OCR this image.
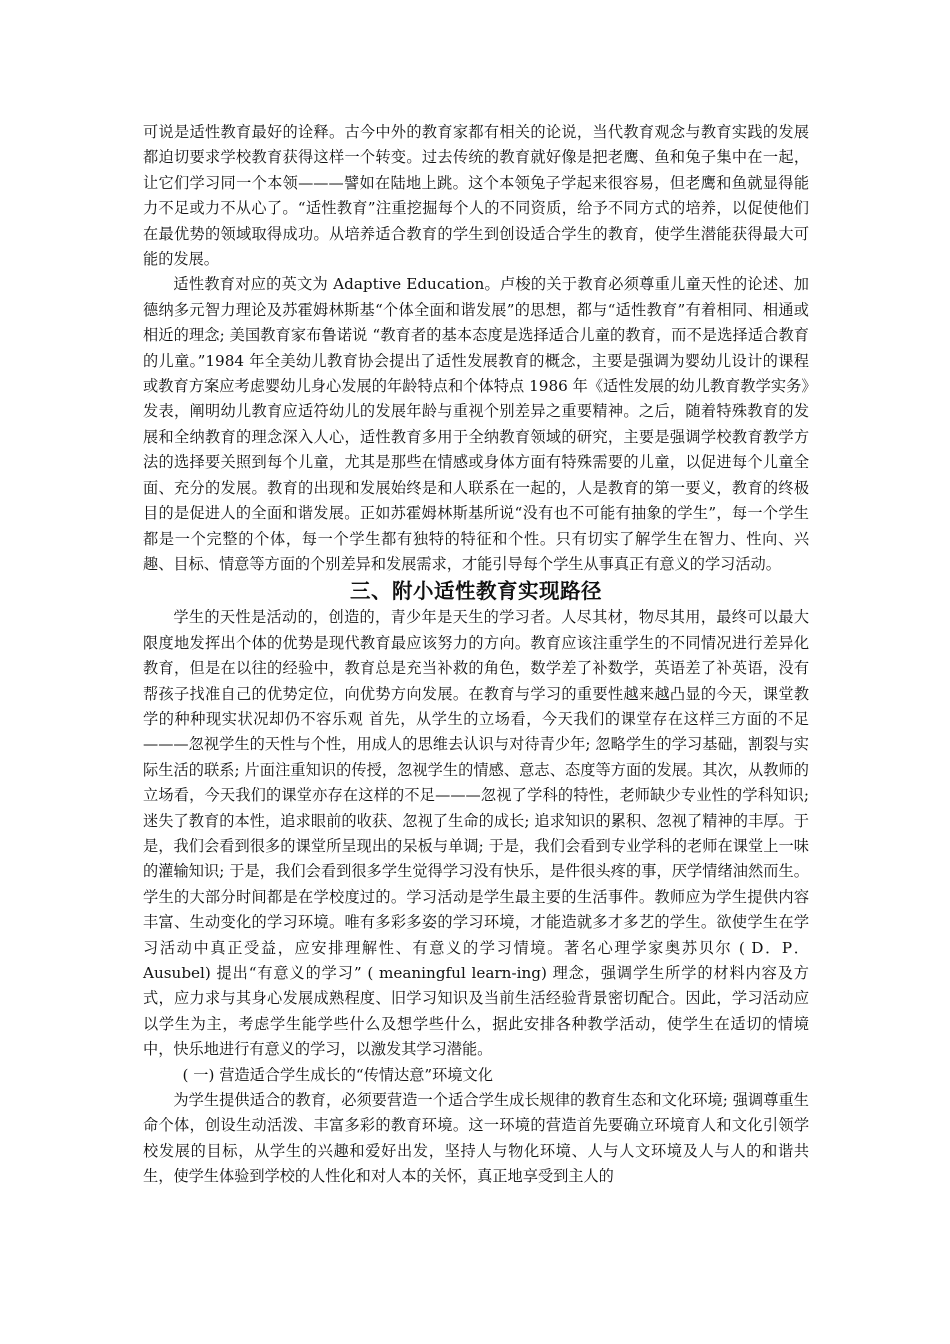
可说是适性教育最好的诠释。古今中外的教育家都有相关的论说，当代教育观念与教育实践的发展都迫切要求学校教育获得这样一个转变。过去传统的教育就好像是把老鹰、鱼和兔子集中在一起，让它们学习同一个本领———譬如在陆地上跳。这个本领兔子学起来很容易，但老鹰和鱼就显得能力不足或力不从心了。“适性教育”注重挖掘每个人的不同资质，给予不同方式的培养，以促使他们在最优势的领域取得成功。从培养适合教育的学生到创设适合学生的教育，使学生潜能获得最大可能的发展。

适性教育对应的英文为 Adaptive Education。卢梭的关于教育必须尊重儿童天性的论述、加德纳多元智力理论及苏霍姆林斯基“个体全面和谐发展”的思想，都与“适性教育”有着相同、相通或相近的理念; 美国教育家布鲁诺说 “教育者的基本态度是选择适合儿童的教育，而不是选择适合教育的儿童。”1984 年全美幼儿教育协会提出了适性发展教育的概念，主要是强调为婴幼儿设计的课程或教育方案应考虑婴幼儿身心发展的年龄特点和个体特点 1986 年《适性发展的幼儿教育教学实务》发表，阐明幼儿教育应适符幼儿的发展年龄与重视个别差异之重要精神。之后，随着特殊教育的发展和全纳教育的理念深入人心，适性教育多用于全纳教育领域的研究，主要是强调学校教育教学方法的选择要关照到每个儿童，尤其是那些在情感或身体方面有特殊需要的儿童，以促进每个儿童全面、充分的发展。教育的出现和发展始终是和人联系在一起的，人是教育的第一要义，教育的终极目的是促进人的全面和谐发展。正如苏霍姆林斯基所说“没有也不可能有抽象的学生”，每一个学生都是一个完整的个体，每一个学生都有独特的特征和个性。只有切实了解学生在智力、性向、兴趣、目标、情意等方面的个别差异和发展需求，才能引导每个学生从事真正有意义的学习活动。

三、附小适性教育实现路径

学生的天性是活动的，创造的，青少年是天生的学习者。人尽其材，物尽其用，最终可以最大限度地发挥出个体的优势是现代教育最应该努力的方向。教育应该注重学生的不同情况进行差异化教育，但是在以往的经验中，教育总是充当补救的角色，数学差了补数学，英语差了补英语，没有帮孩子找准自己的优势定位，向优势方向发展。在教育与学习的重要性越来越凸显的今天，课堂教学的种种现实状况却仍不容乐观 首先，从学生的立场看，今天我们的课堂存在这样三方面的不足———忽视学生的天性与个性，用成人的思维去认识与对待青少年; 忽略学生的学习基础，割裂与实际生活的联系; 片面注重知识的传授，忽视学生的情感、意志、态度等方面的发展。其次，从教师的立场看，今天我们的课堂亦存在这样的不足———忽视了学科的特性，老师缺少专业性的学科知识; 迷失了教育的本性，追求眼前的收获、忽视了生命的成长; 追求知识的累积、忽视了精神的丰厚。于是，我们会看到很多的课堂所呈现出的呆板与单调; 于是，我们会看到专业学科的老师在课堂上一味的灌输知识; 于是，我们会看到很多学生觉得学习没有快乐，是件很头疼的事，厌学情绪油然而生。学生的大部分时间都是在学校度过的。学习活动是学生最主要的生活事件。教师应为学生提供内容丰富、生动变化的学习环境。唯有多彩多姿的学习环境，才能造就多才多艺的学生。欲使学生在学习活动中真正受益，应安排理解性、有意义的学习情境。著名心理学家奥苏贝尔 ( D．P．Ausubel) 提出“有意义的学习” ( meaningful learn-ing) 理念，强调学生所学的材料内容及方式，应力求与其身心发展成熟程度、旧学习知识及当前生活经验背景密切配合。因此，学习活动应以学生为主，考虑学生能学些什么及想学些什么，据此安排各种教学活动，使学生在适切的情境中，快乐地进行有意义的学习，以激发其学习潜能。

( 一) 营造适合学生成长的“传情达意”环境文化

为学生提供适合的教育，必须要营造一个适合学生成长规律的教育生态和文化环境; 强调尊重生命个体，创设生动活泼、丰富多彩的教育环境。这一环境的营造首先要确立环境育人和文化引领学校发展的目标，从学生的兴趣和爱好出发，坚持人与物化环境、人与人文环境及人与人的和谐共生，使学生体验到学校的人性化和对人本的关怀，真正地享受到主人的
